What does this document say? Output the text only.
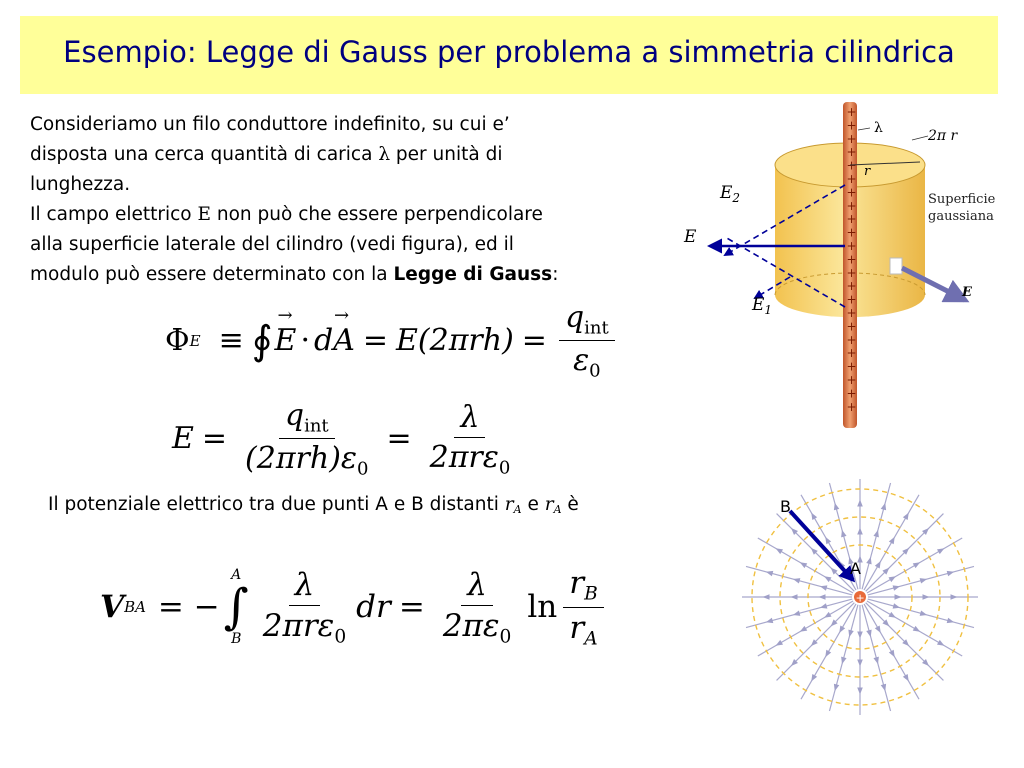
Esempio: Legge di Gauss per problema a simmetria cilindrica
Consideriamo un filo conduttore indefinito, su cui e’
disposta una cerca quantità di carica λ per unità di
lunghezza.
Il campo elettrico E non può che essere perpendicolare
alla superficie laterale del cilindro (vedi figura), ed il
modulo può essere determinato con la Legge di Gauss:
Φ E ≡ ∮
→
E ·
→
dA = $E(2\pi rh) = \frac{q_{int}}{\varepsilon_0}$
$E = \frac{q_{int}}{(2\pi rh)\varepsilon_0} = \frac{\lambda}{2\pi r\varepsilon_0}$
Il potenziale elettrico tra due punti A e B distanti rA e rA è
V BA = −
A
∫
B $\frac{\lambda}{2\pi r\varepsilon_0}$ dr = $\frac{\lambda}{2\pi\varepsilon_0}$ $\ln \frac{r_B}{r_A}$
+
+
+
+
+
+
+
+
+
+
+
+
+
+
+
+
+
+
+
+
+
+
+
r
λ	2π r
Superficie
gaussiana
E
E
$E_2$
$E_1$
+
A
B
